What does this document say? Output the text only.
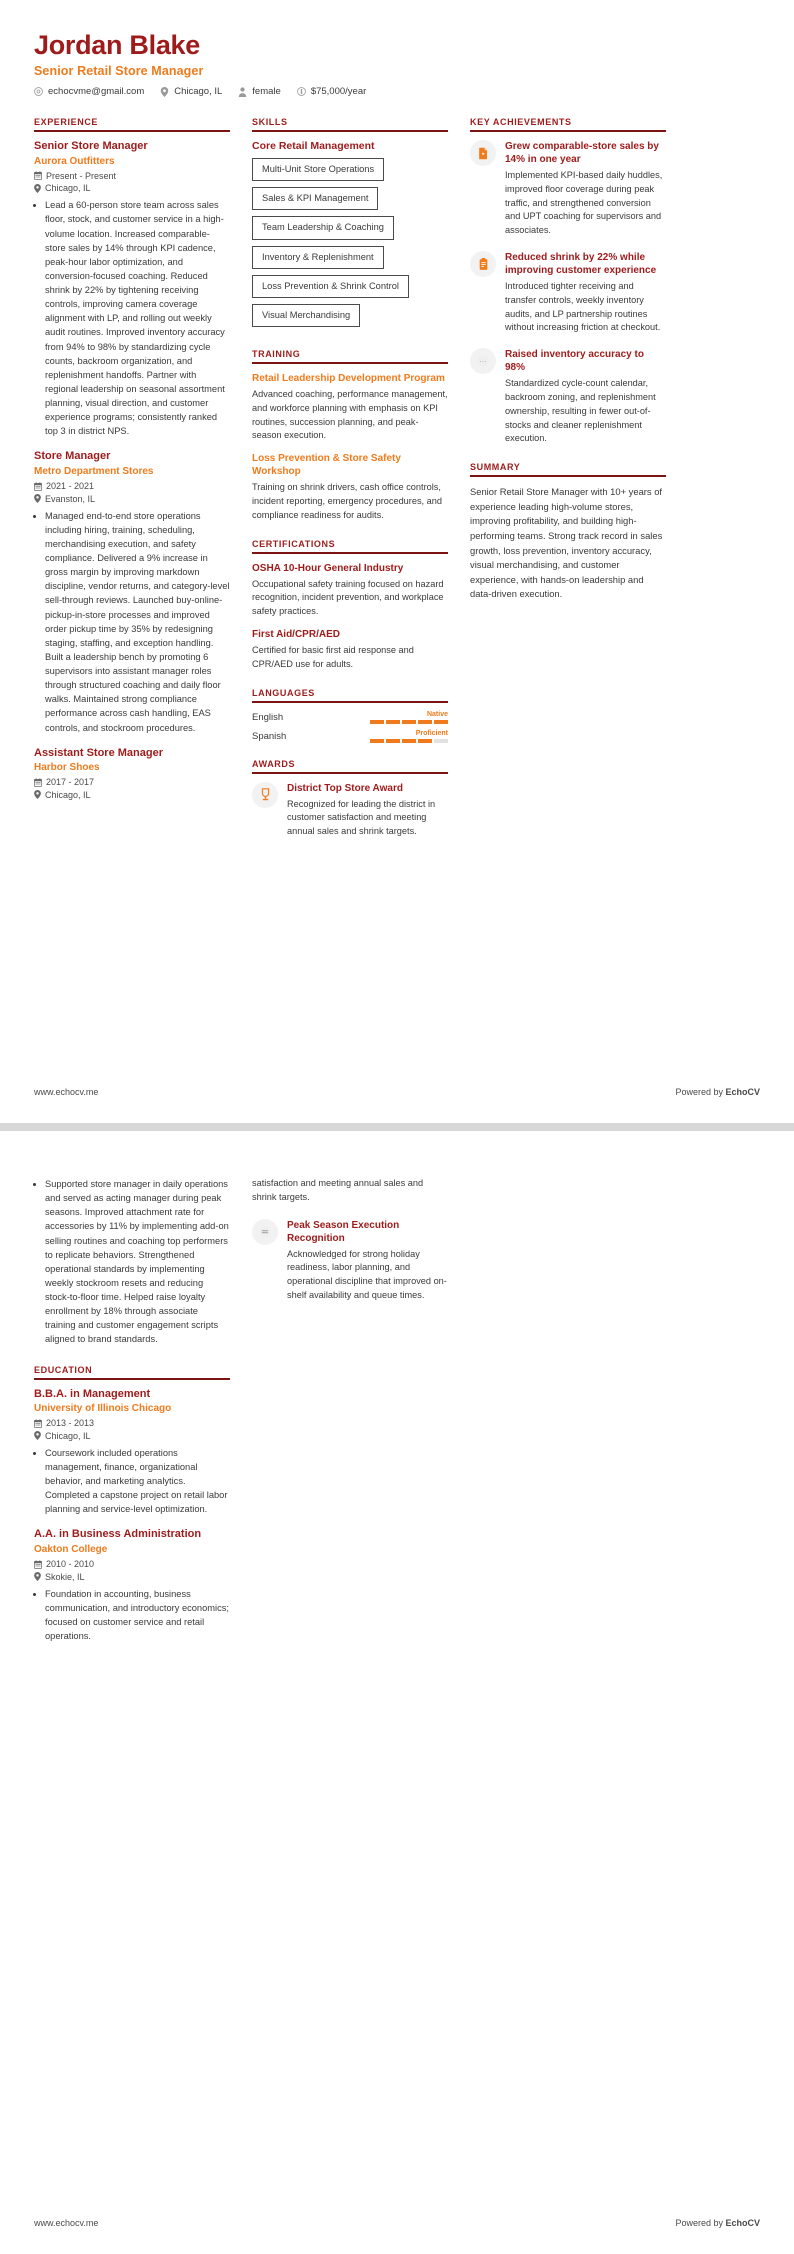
Jordan Blake
Senior Retail Store Manager
echocvme@gmail.com	Chicago, IL	female	$75,000/year
EXPERIENCE
Senior Store Manager
Aurora Outfitters
Present - Present
Chicago, IL
• Lead a 60-person store team across sales floor, stock, and customer service in a high-volume location. Increased comparable-store sales by 14% through KPI cadence, peak-hour labor optimization, and conversion-focused coaching. Reduced shrink by 22% by tightening receiving controls, improving camera coverage alignment with LP, and rolling out weekly audit routines. Improved inventory accuracy from 94% to 98% by standardizing cycle counts, backroom organization, and replenishment handoffs. Partner with regional leadership on seasonal assortment planning, visual direction, and customer experience programs; consistently ranked top 3 in district NPS.
Store Manager
Metro Department Stores
2021 - 2021
Evanston, IL
• Managed end-to-end store operations including hiring, training, scheduling, merchandising execution, and safety compliance. Delivered a 9% increase in gross margin by improving markdown discipline, vendor returns, and category-level sell-through reviews. Launched buy-online-pickup-in-store processes and improved order pickup time by 35% by redesigning staging, staffing, and exception handling. Built a leadership bench by promoting 6 supervisors into assistant manager roles through structured coaching and daily floor walks. Maintained strong compliance performance across cash handling, EAS controls, and stockroom procedures.
Assistant Store Manager
Harbor Shoes
2017 - 2017
Chicago, IL
SKILLS
Core Retail Management
Multi-Unit Store Operations
Sales & KPI Management
Team Leadership & Coaching
Inventory & Replenishment
Loss Prevention & Shrink Control
Visual Merchandising
TRAINING
Retail Leadership Development Program
Advanced coaching, performance management, and workforce planning with emphasis on KPI routines, succession planning, and peak-season execution.
Loss Prevention & Store Safety Workshop
Training on shrink drivers, cash office controls, incident reporting, emergency procedures, and compliance readiness for audits.
CERTIFICATIONS
OSHA 10-Hour General Industry
Occupational safety training focused on hazard recognition, incident prevention, and workplace safety practices.
First Aid/CPR/AED
Certified for basic first aid response and CPR/AED use for adults.
LANGUAGES
English	Native
Spanish	Proficient
AWARDS
District Top Store Award
Recognized for leading the district in customer satisfaction and meeting annual sales and shrink targets.
KEY ACHIEVEMENTS
Grew comparable-store sales by 14% in one year
Implemented KPI-based daily huddles, improved floor coverage during peak traffic, and strengthened conversion and UPT coaching for supervisors and associates.
Reduced shrink by 22% while improving customer experience
Introduced tighter receiving and transfer controls, weekly inventory audits, and LP partnership routines without increasing friction at checkout.
···
Raised inventory accuracy to 98%
Standardized cycle-count calendar, backroom zoning, and replenishment ownership, resulting in fewer out-of-stocks and cleaner replenishment execution.
SUMMARY
Senior Retail Store Manager with 10+ years of experience leading high-volume stores, improving profitability, and building high-performing teams. Strong track record in sales growth, loss prevention, inventory accuracy, visual merchandising, and customer experience, with hands-on leadership and data-driven execution.
www.echocv.me	Powered by EchoCV
• Supported store manager in daily operations and served as acting manager during peak seasons. Improved attachment rate for accessories by 11% by implementing add-on selling routines and coaching top performers to replicate behaviors. Strengthened operational standards by implementing weekly stockroom resets and reducing stock-to-floor time. Helped raise loyalty enrollment by 18% through associate training and customer engagement scripts aligned to brand standards.
EDUCATION
B.B.A. in Management
University of Illinois Chicago
2013 - 2013
Chicago, IL
• Coursework included operations management, finance, organizational behavior, and marketing analytics. Completed a capstone project on retail labor planning and service-level optimization.
A.A. in Business Administration
Oakton College
2010 - 2010
Skokie, IL
• Foundation in accounting, business communication, and introductory economics; focused on customer service and retail operations.
satisfaction and meeting annual sales and shrink targets.
Peak Season Execution Recognition
Acknowledged for strong holiday readiness, labor planning, and operational discipline that improved on-shelf availability and queue times.
www.echocv.me	Powered by EchoCV
